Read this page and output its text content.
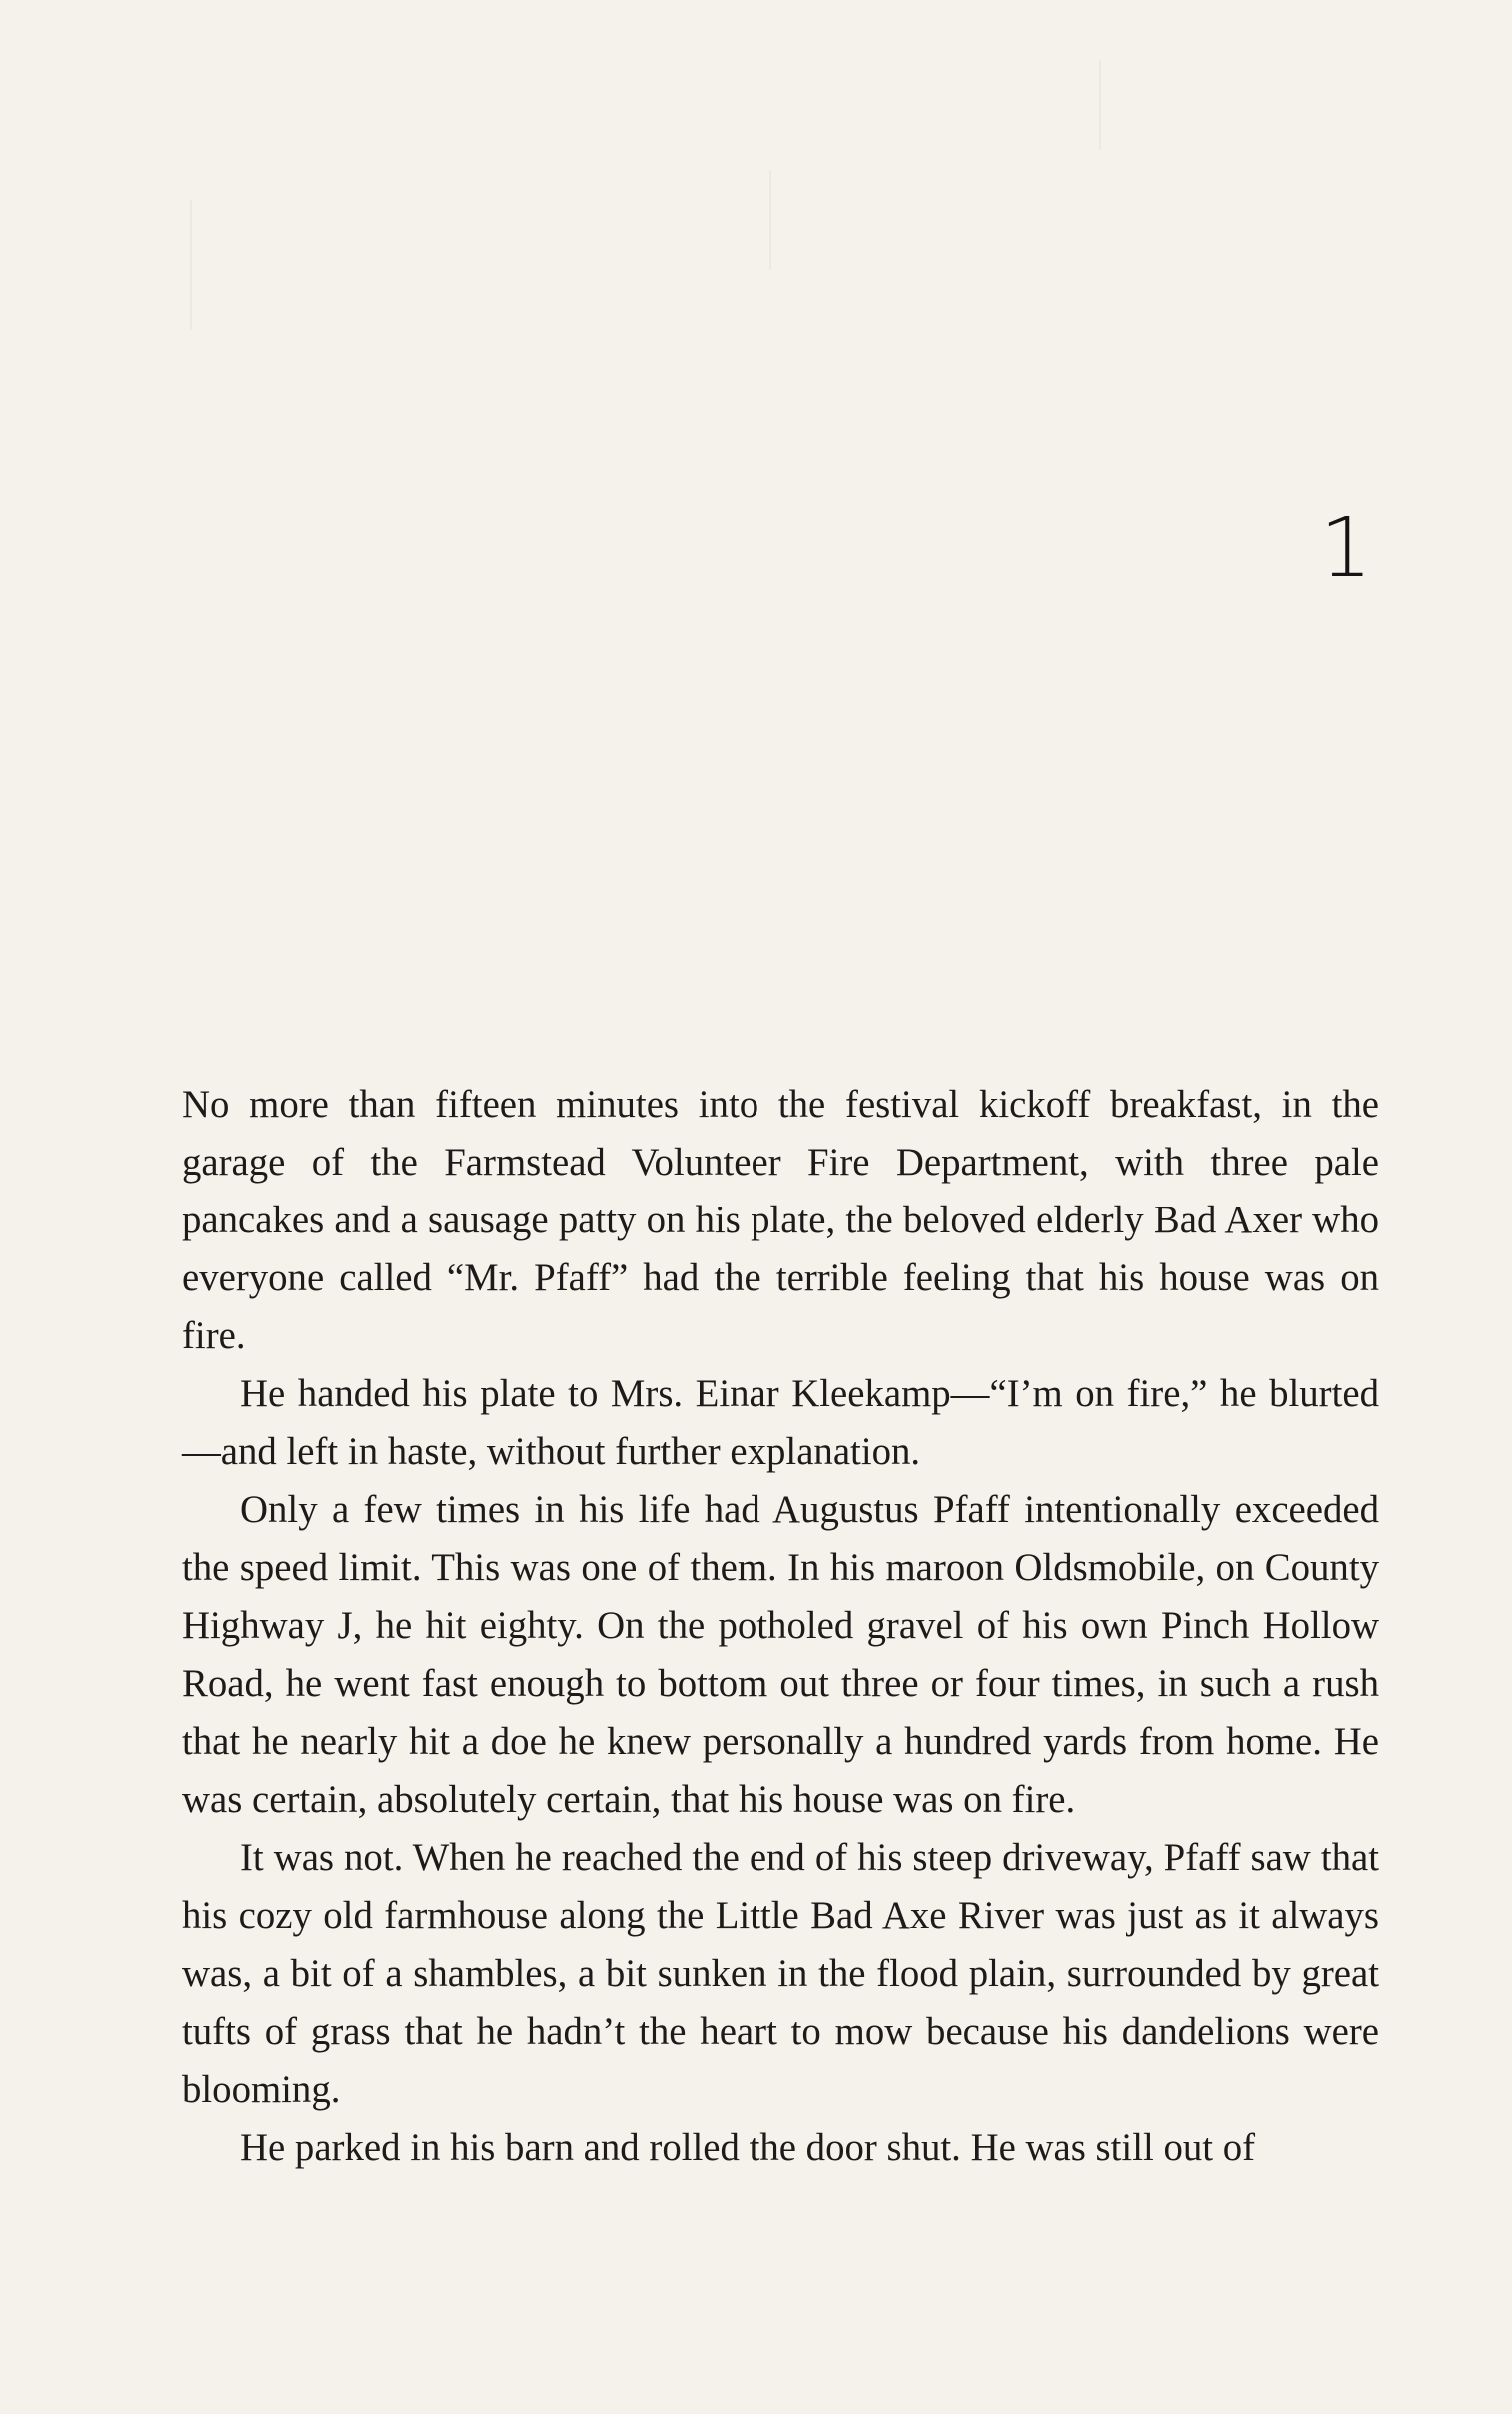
1

No more than fifteen minutes into the festival kickoff breakfast, in the garage of the Farmstead Volunteer Fire Department, with three pale pancakes and a sausage patty on his plate, the beloved elderly Bad Axer who everyone called “Mr. Pfaff” had the terrible feeling that his house was on fire.

He handed his plate to Mrs. Einar Kleekamp—“I’m on fire,” he blurted—and left in haste, without further explanation.

Only a few times in his life had Augustus Pfaff intentionally exceeded the speed limit. This was one of them. In his maroon Oldsmobile, on County Highway J, he hit eighty. On the potholed gravel of his own Pinch Hollow Road, he went fast enough to bottom out three or four times, in such a rush that he nearly hit a doe he knew personally a hundred yards from home. He was certain, absolutely certain, that his house was on fire.

It was not. When he reached the end of his steep driveway, Pfaff saw that his cozy old farmhouse along the Little Bad Axe River was just as it always was, a bit of a shambles, a bit sunken in the flood plain, surrounded by great tufts of grass that he hadn’t the heart to mow because his dandelions were blooming.

He parked in his barn and rolled the door shut. He was still out of
